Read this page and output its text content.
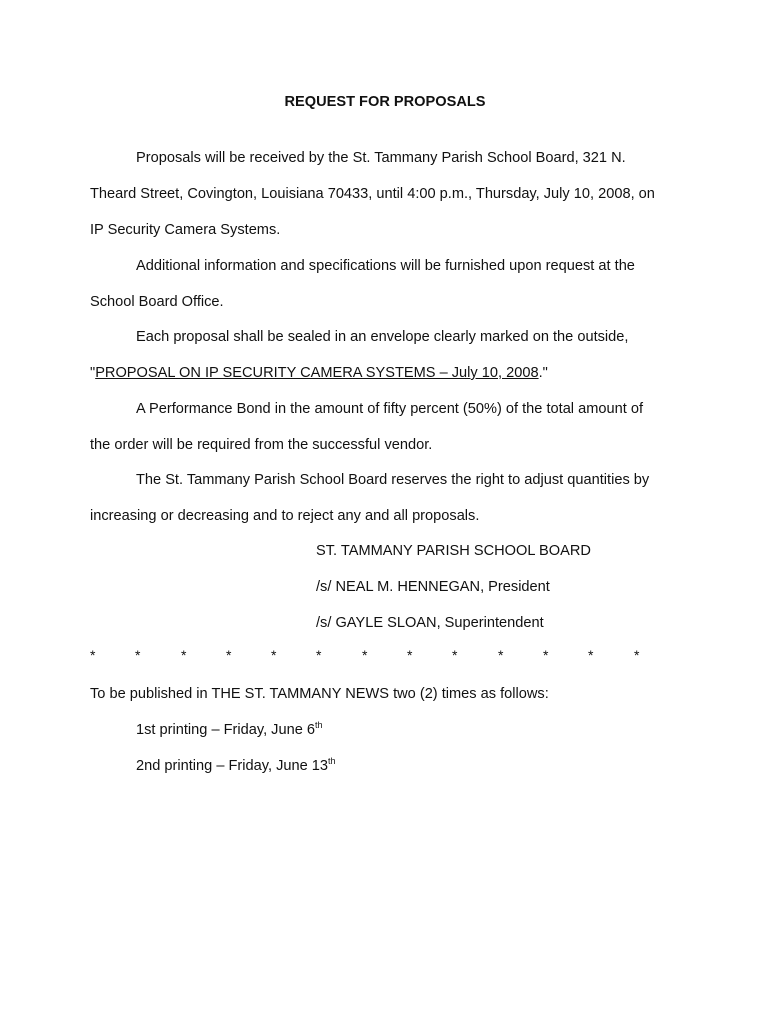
REQUEST FOR PROPOSALS
Proposals will be received by the St. Tammany Parish School Board, 321 N.
Theard Street, Covington, Louisiana 70433, until 4:00 p.m., Thursday, July 10, 2008, on
IP Security Camera Systems.
Additional information and specifications will be furnished upon request at the
School Board Office.
Each proposal shall be sealed in an envelope clearly marked on the outside,
"PROPOSAL ON IP SECURITY CAMERA SYSTEMS – July 10, 2008."
A Performance Bond in the amount of fifty percent (50%) of the total amount of
the order will be required from the successful vendor.
The St. Tammany Parish School Board reserves the right to adjust quantities by
increasing or decreasing and to reject any and all proposals.
ST. TAMMANY PARISH SCHOOL BOARD
/s/ NEAL M. HENNEGAN, President
/s/ GAYLE SLOAN, Superintendent
*	*	*	*	*	*	*	*	*	*	*	*	*
To be published in THE ST. TAMMANY NEWS two (2) times as follows:
1st printing – Friday, June 6th
2nd printing – Friday, June 13th
